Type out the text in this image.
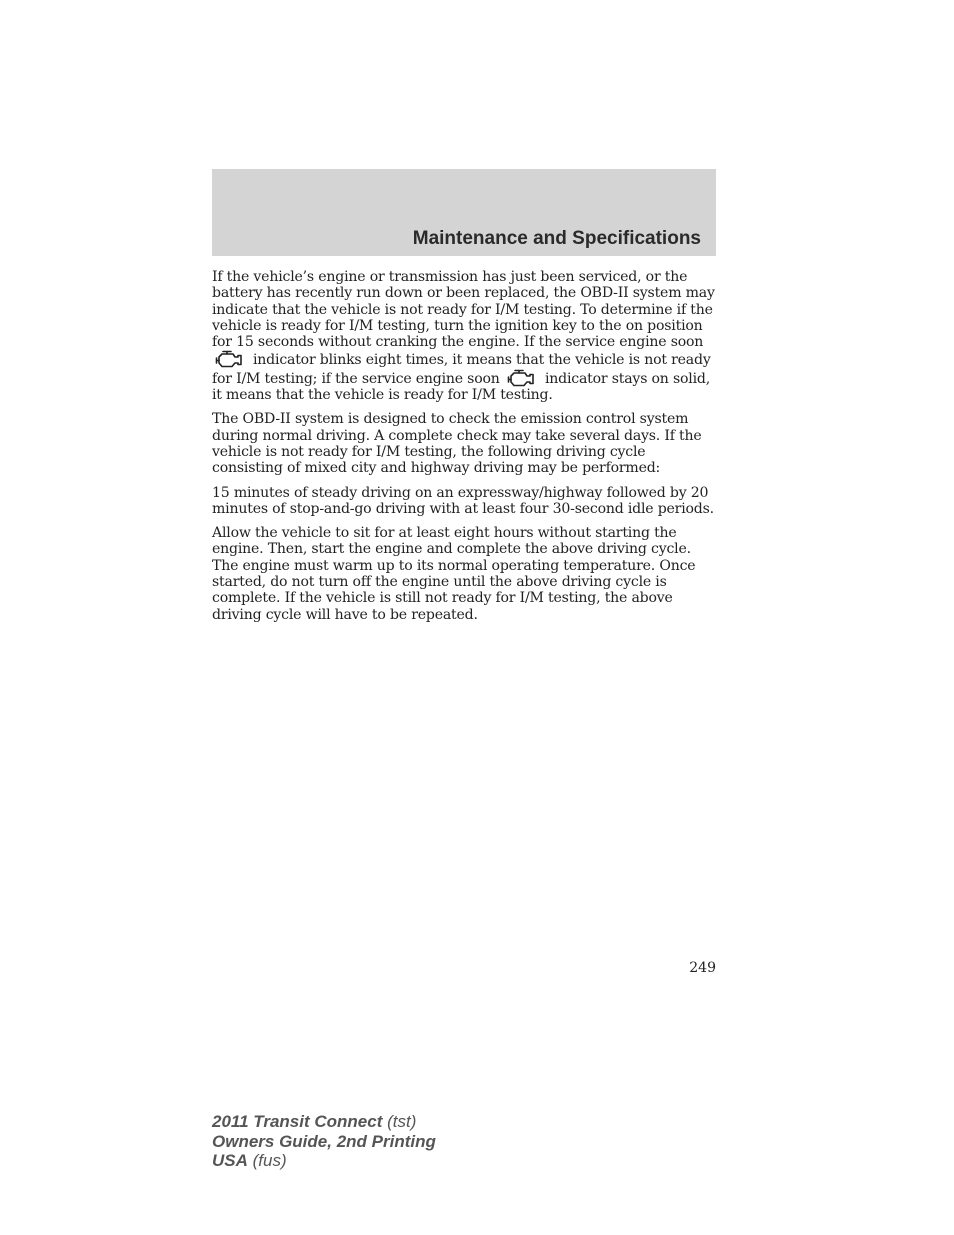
Maintenance and Specifications

If the vehicle’s engine or transmission has just been serviced, or the battery has recently run down or been replaced, the OBD-II system may indicate that the vehicle is not ready for I/M testing. To determine if the vehicle is ready for I/M testing, turn the ignition key to the on position for 15 seconds without cranking the engine. If the service engine soon
indicator blinks eight times, it means that the vehicle is not ready for I/M testing; if the service engine soon	indicator stays on solid, it means that the vehicle is ready for I/M testing.

The OBD-II system is designed to check the emission control system during normal driving. A complete check may take several days. If the vehicle is not ready for I/M testing, the following driving cycle consisting of mixed city and highway driving may be performed:

15 minutes of steady driving on an expressway/highway followed by 20 minutes of stop-and-go driving with at least four 30-second idle periods.

Allow the vehicle to sit for at least eight hours without starting the engine. Then, start the engine and complete the above driving cycle. The engine must warm up to its normal operating temperature. Once started, do not turn off the engine until the above driving cycle is complete. If the vehicle is still not ready for I/M testing, the above driving cycle will have to be repeated.

249
2011 Transit Connect (tst)
Owners Guide, 2nd Printing
USA (fus)
